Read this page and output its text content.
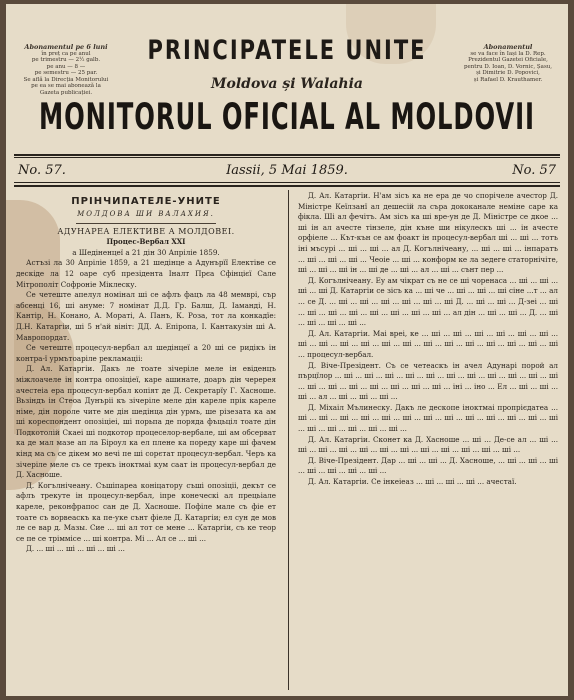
Abonamentul pe 6 luni
în preț ca pe anul
pe trimestru — 2½ galb.
pe anu — 8 —
pe semestru — 25 par.
Se află la Direcția Monitorului
pe ea se mai abonează la
Gazeta publicației.
Abonamentul
se va face în Iași la D. Rep.
Prezidentul Gazetei Oficiale,
pentru D. Ioan, D. Vornic, Șasu,
și Dimitrie D. Popovici,
și Rafael D. Krauthamer.
PRINCIPATELE UNITE
Moldova și Walahia
MONITORUL OFICIAL AL MOLDOVII
No. 57.	Iassii, 5 Mai 1859.	No. 57

ПРІНЧИПАТЕЛЕ-УНИТЕ

МОЛДОВА ШИ ВАЛАХИЯ.

АДУНАРЕА ЕЛЕКТИВЕ А МОЛДОВЕІ.

Процес-Вербал ХХІ

а Шедіненцеї а 21 дін 30 Апріліе 1859.

Астъзі ла 30 Апріліе 1859, а 21 шедінце а Адунърїї Електіве се дескіде ла 12 оаре суб презідента Іналт Прєа Сфінцієї Сале Мітрополіт Софроніе Міклеску.

Се четеште апелул номінал ші се афлъ фацъ ла 48 мемврі, сър абсенці 16, ші ануме: 7 номінат Д.Д. Гр. Балш, Д. Іаманді, Н. Кантір, Н. Конано, А. Мораті, А. Панъ, К. Роза, тот ла конкадїе: Д.Н. Катаргіи, ші 5 н'ай вініт: ДД. А. Епіропа, І. Кантакузін ші А. Мавропордат.

Се четеште процесул-вербал ал шедінцеї а 20 ші се ридікъ ін контра-ї урмътоаріле рекламаціі:

Д. Ал. Катаргіи. Дакъ ле тоате зічеріле меле ін евіденцъ міжлоачеле ін контра опозіціеї, каре ашинате, доаръ дін черерея ачестеіа ера процесул-вербал копіят де Д. Секретарїу Г. Хасноше. Вьзіндъ ін Стеоа Дунъріі къ зічеріле меле дін кареле прік кареле німе, дін пороле чите ме дін шедінца дін урмъ, ше різезата ка ам ші кореспондент опозіціеі, ші порьпа де поряда фъцьціл тоате дін Подкотолій Скаеі ші подкотор процеселор-вербале, ші ам обсерват ка де мал мазе ап ла Біроул ка ел плене ка пореду каре ші фачем кінд ма съ се дікем мо вечі пе ші сорєтат процесул-вербал. Черъ ка зічеріле меле съ се трекъ іноктмаі кум саат ін процесул-вербал де Д. Хасноше.

Д. Когълнічеану. Съшіпареа коніцатору съші опозіціі, декът се афлъ трекуте ін процесул-вербал, іпре конеческі ал прецьіале кареле, реконфрапос сан де Д. Хасноше. Пофіле мале съ фіе ет тоате съ ворвеаскъ ка пе-уке сънт фіеле Д. Катаргіи; ел сун де мов ле се вар д. Мазы. Сие ... ші ал тот се мене ... Катаргіи, съ ке теор се пе се тріммісе ... ші контра. Мі ... Ал се ... ші ...

Д. ... ші ... ші ... ші ... ші ...

Д. Ал. Катаргіи. Н'ам зісъ ка не ера де чо спорічеле ачестор Д. Міністре Кеїлзанї ал дешесій ла съра дококанале неміне саре ка фікла. Ші ал фечітъ. Ам зісъ ка ші вре-ун де Д. Міністре се дкое ... ші ін ал ачесте тінзеле, дін къне ши нікулескъ ші ... ін ачесте орфіеле ... Кът-кън се ам фоакт ін процесул-вербал ші ... ші ... тотъ іні мъсурі ... ші ... ші ... ал Д. Когълнічеану, ... ші ... ші ... інпаратъ ... ші ... ші ... ші ... Чеоіе ... ші ... конформ ке ла зедеге статорнічіте, ші ... ші ... ші ін ... ші де ... ші ... ал ... ші ... сънт пер ...

Д. Когълнічеану. Еу ам чікрат съ не се ші чоренаса ... ші ... ші ... ші ... ші Д. Катаргіи се зісъ ка ... ші че ... ші ... ші ... ші сіне ...т ... ал ... се Д. ... ші ... ші ... ші ... ші ... ші ... ші Д. ... ші ... ші ... Д-зеі ... ші ... ші ... ші ... ші ... ші ... ші ... ші ... ші ... ал дін ... ші ... ші ... Д. ... ші ... ші ... ші ... ші ...

Д. Ал. Катаргіи. Маі вреі, ке ... ші ... ші ... ші ... ші ... ші ... ші ... ші ... ші ... ші ... ші ... ші ... ші ... ші ... ші ... ші ... ші ... ші ... ші ... ші ... процесул-вербал.

Д. Віче-Презідент. Съ се четеаскъ ін ачел Адунарі порой ал пърцїлор ... ші ... ші ... ші ... ші ... ші ... ші ... ші ... ші ... ші ... ші ... ші ... ші ... ші ... ші ... ші ... ші ... ші ... ші ... іні ... іно ... Ел ... ші ... ші ... ші ... ал ... ші ... ші ... ші ...

Д. Міхаіл Мълинеску. Дакъ ле дескопе іноктмаі пропрієдатеа ... ші ... ші ... ші ... ші ... ші ... ші ... ші ... ші ... ші ... ші ... ші ... ші ... ші ... ші ... ші ... ші ... ші ... ші ...

Д. Ал. Катаргіи. Сконет ка Д. Хасноше ... ші ... Де-се ал ... ші ... ші ... ші ... ші ... ші ... ші ... ші ... ші ... ші ... ші ... ші ... ші ...

Д. Віче-Презідент. Дар ... ші ... ші ... Д. Хасноше, ... ші ... ші ... ші ... ші ... ші ... ші ... ші ...

Д. Ал. Катаргіи. Се інкеіеаз ... ші ... ші ... ші ... ачестаї.
